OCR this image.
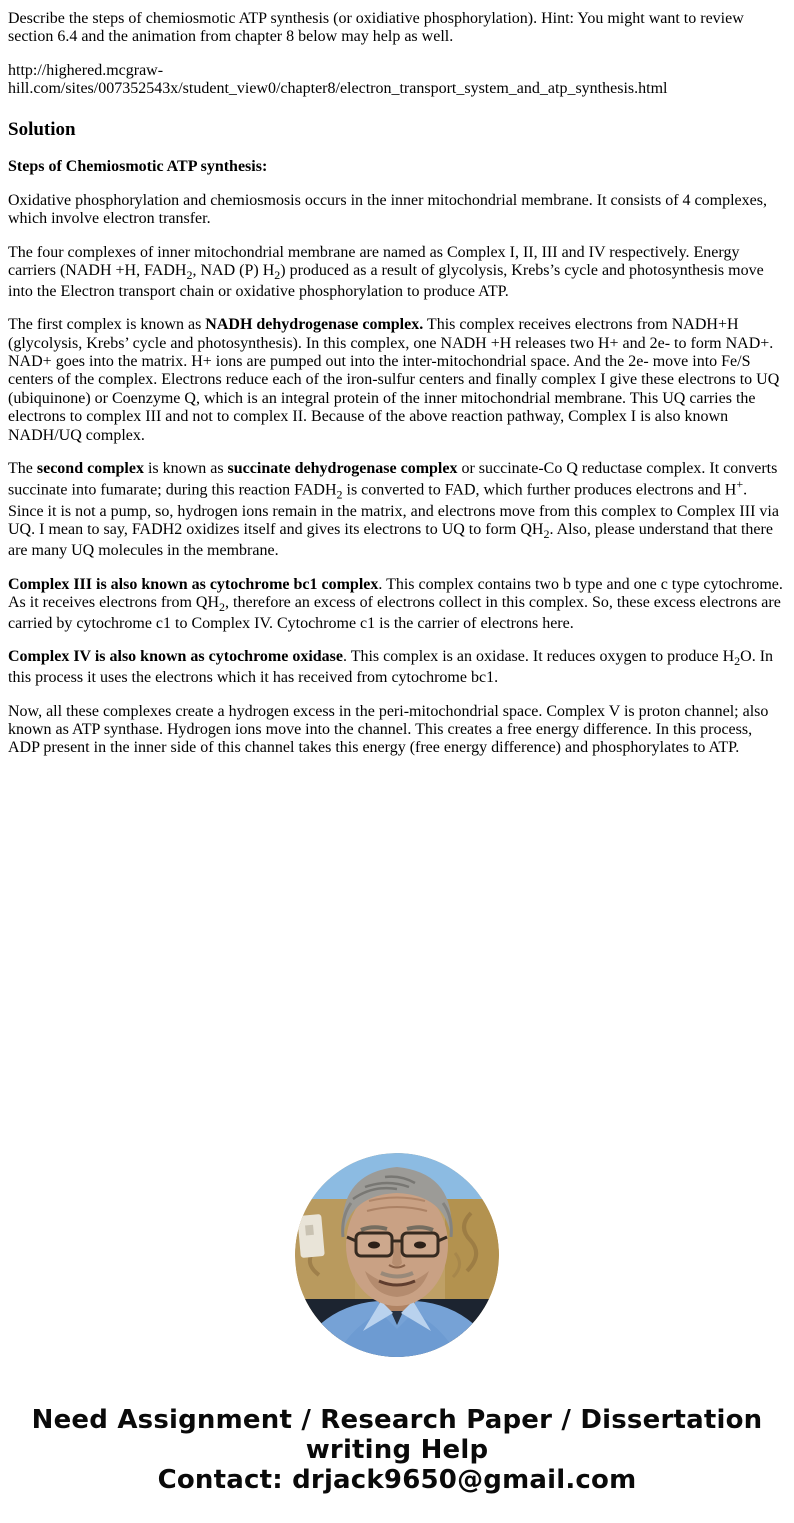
Describe the steps of chemiosmotic ATP synthesis (or oxidiative phosphorylation). Hint: You might want to review section 6.4 and the animation from chapter 8 below may help as well.

http://highered.mcgraw-hill.com/sites/007352543x/student_view0/chapter8/electron_transport_system_and_atp_synthesis.html

Solution

Steps of Chemiosmotic ATP synthesis:

Oxidative phosphorylation and chemiosmosis occurs in the inner mitochondrial membrane. It consists of 4 complexes, which involve electron transfer.

The four complexes of inner mitochondrial membrane are named as Complex I, II, III and IV respectively. Energy carriers (NADH +H, $FADH_2$, NAD (P) $H_2$) produced as a result of glycolysis, Krebs’s cycle and photosynthesis move into the Electron transport chain or oxidative phosphorylation to produce ATP.

The first complex is known as NADH dehydrogenase complex. This complex receives electrons from NADH+H (glycolysis, Krebs’ cycle and photosynthesis). In this complex, one NADH +H releases two H+ and 2e- to form NAD+. NAD+ goes into the matrix. H+ ions are pumped out into the inter-mitochondrial space. And the 2e- move into Fe/S centers of the complex. Electrons reduce each of the iron-sulfur centers and finally complex I give these electrons to UQ (ubiquinone) or Coenzyme Q, which is an integral protein of the inner mitochondrial membrane. This UQ carries the electrons to complex III and not to complex II. Because of the above reaction pathway, Complex I is also known NADH/UQ complex.

The second complex is known as succinate dehydrogenase complex or succinate-Co Q reductase complex. It converts succinate into fumarate; during this reaction $FADH_2$ is converted to FAD, which further produces electrons and H+. Since it is not a pump, so, hydrogen ions remain in the matrix, and electrons move from this complex to Complex III via UQ. I mean to say, FADH2 oxidizes itself and gives its electrons to UQ to form $QH_2$. Also, please understand that there are many UQ molecules in the membrane.

Complex III is also known as cytochrome bc1 complex. This complex contains two b type and one c type cytochrome. As it receives electrons from $QH_2$, therefore an excess of electrons collect in this complex. So, these excess electrons are carried by cytochrome c1 to Complex IV. Cytochrome c1 is the carrier of electrons here.

Complex IV is also known as cytochrome oxidase. This complex is an oxidase. It reduces oxygen to produce $H_2O$. In this process it uses the electrons which it has received from cytochrome bc1.

Now, all these complexes create a hydrogen excess in the peri-mitochondrial space. Complex V is proton channel; also known as ATP synthase. Hydrogen ions move into the channel. This creates a free energy difference. In this process, ADP present in the inner side of this channel takes this energy (free energy difference) and phosphorylates to ATP.

Need Assignment / Research Paper / Dissertation
writing Help
Contact: drjack9650@gmail.com
